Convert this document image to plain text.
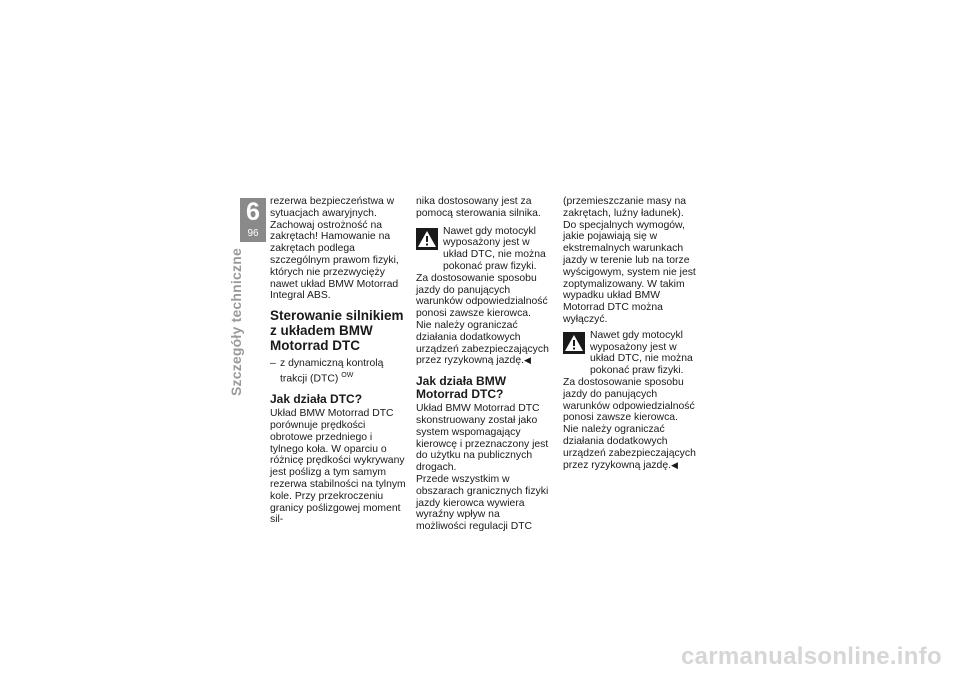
6
96
Szczegóły techniczne

rezerwa bezpieczeństwa w sytuacjach awaryjnych. Zachowaj ostrożność na zakrętach! Hamowanie na zakrętach podlega szczególnym prawom fizyki, których nie przezwycięży nawet układ BMW Motorrad Integral ABS.

Sterowanie silnikiem z układem BMW Motorrad DTC
– z dynamiczną kontrolą trakcji (DTC) $^{OW}$
Jak działa DTC?

Układ BMW Motorrad DTC porównuje prędkości obrotowe przedniego i tylnego koła. W oparciu o różnicę prędkości wykrywany jest poślizg a tym samym rezerwa stabilności na tylnym kole. Przy przekroczeniu granicy poślizgowej moment sil-

nika dostosowany jest za pomocą sterowania silnika.

Nawet gdy motocykl wyposażony jest w układ DTC, nie można pokonać praw fizyki.

Za dostosowanie sposobu jazdy do panujących warunków odpowiedzialność ponosi zawsze kierowca.

Nie należy ograniczać działania dodatkowych urządzeń zabezpieczających przez ryzykowną jazdę.◀

Jak działa BMW Motorrad DTC?

Układ BMW Motorrad DTC skonstruowany został jako system wspomagający kierowcę i przeznaczony jest do użytku na publicznych drogach.

Przede wszystkim w obszarach granicznych fizyki jazdy kierowca wywiera wyraźny wpływ na możliwości regulacji DTC

(przemieszczanie masy na zakrętach, luźny ładunek).

Do specjalnych wymogów, jakie pojawiają się w ekstremalnych warunkach jazdy w terenie lub na torze wyścigowym, system nie jest zoptymalizowany. W takim wypadku układ BMW Motorrad DTC można wyłączyć.

Nawet gdy motocykl wyposażony jest w układ DTC, nie można pokonać praw fizyki.

Za dostosowanie sposobu jazdy do panujących warunków odpowiedzialność ponosi zawsze kierowca.

Nie należy ograniczać działania dodatkowych urządzeń zabezpieczających przez ryzykowną jazdę.◀

carmanualsonline.info
